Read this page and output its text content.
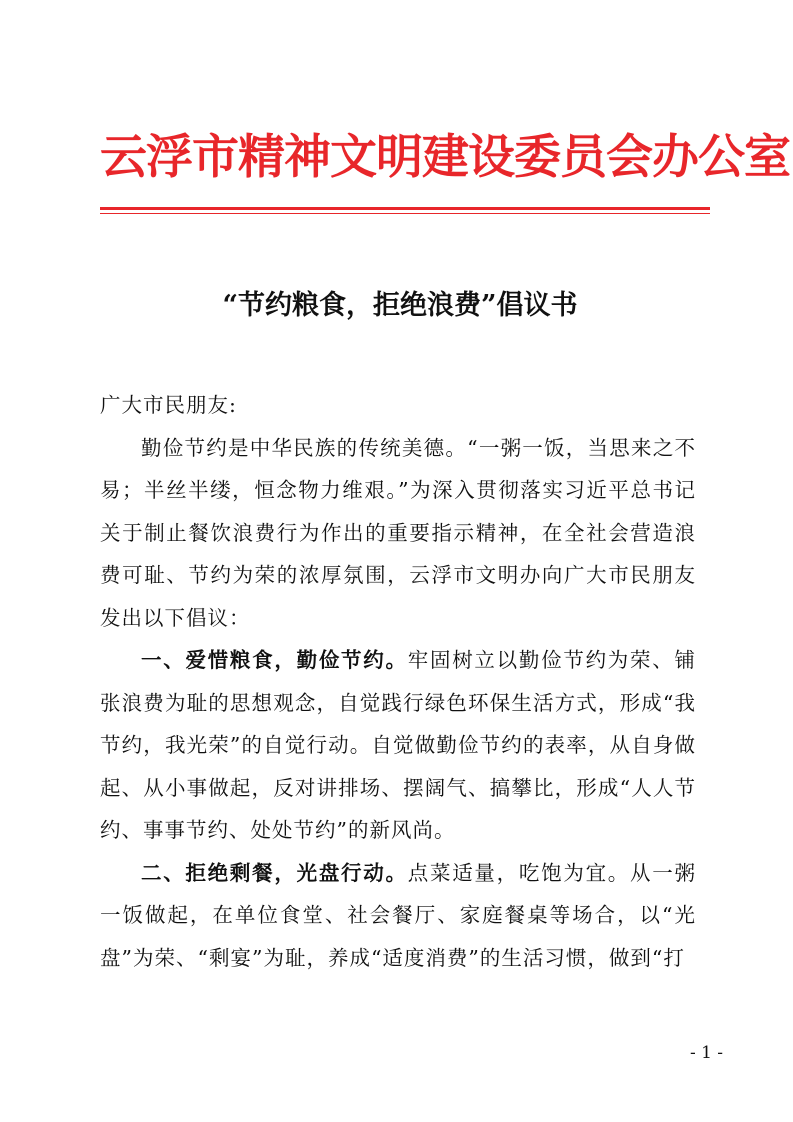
云浮市精神文明建设委员会办公室
“节约粮食，拒绝浪费”倡议书

广大市民朋友:

勤俭节约是中华民族的传统美德。“一粥一饭，当思来之不易；半丝半缕，恒念物力维艰。”为深入贯彻落实习近平总书记关于制止餐饮浪费行为作出的重要指示精神，在全社会营造浪费可耻、节约为荣的浓厚氛围，云浮市文明办向广大市民朋友发出以下倡议：

一、爱惜粮食，勤俭节约。牢固树立以勤俭节约为荣、铺张浪费为耻的思想观念，自觉践行绿色环保生活方式，形成“我节约，我光荣”的自觉行动。自觉做勤俭节约的表率，从自身做起、从小事做起，反对讲排场、摆阔气、搞攀比，形成“人人节约、事事节约、处处节约”的新风尚。

二、拒绝剩餐，光盘行动。点菜适量，吃饱为宜。从一粥一饭做起，在单位食堂、社会餐厅、家庭餐桌等场合，以“光盘”为荣、“剩宴”为耻，养成“适度消费”的生活习惯，做到“打

- 1 -
